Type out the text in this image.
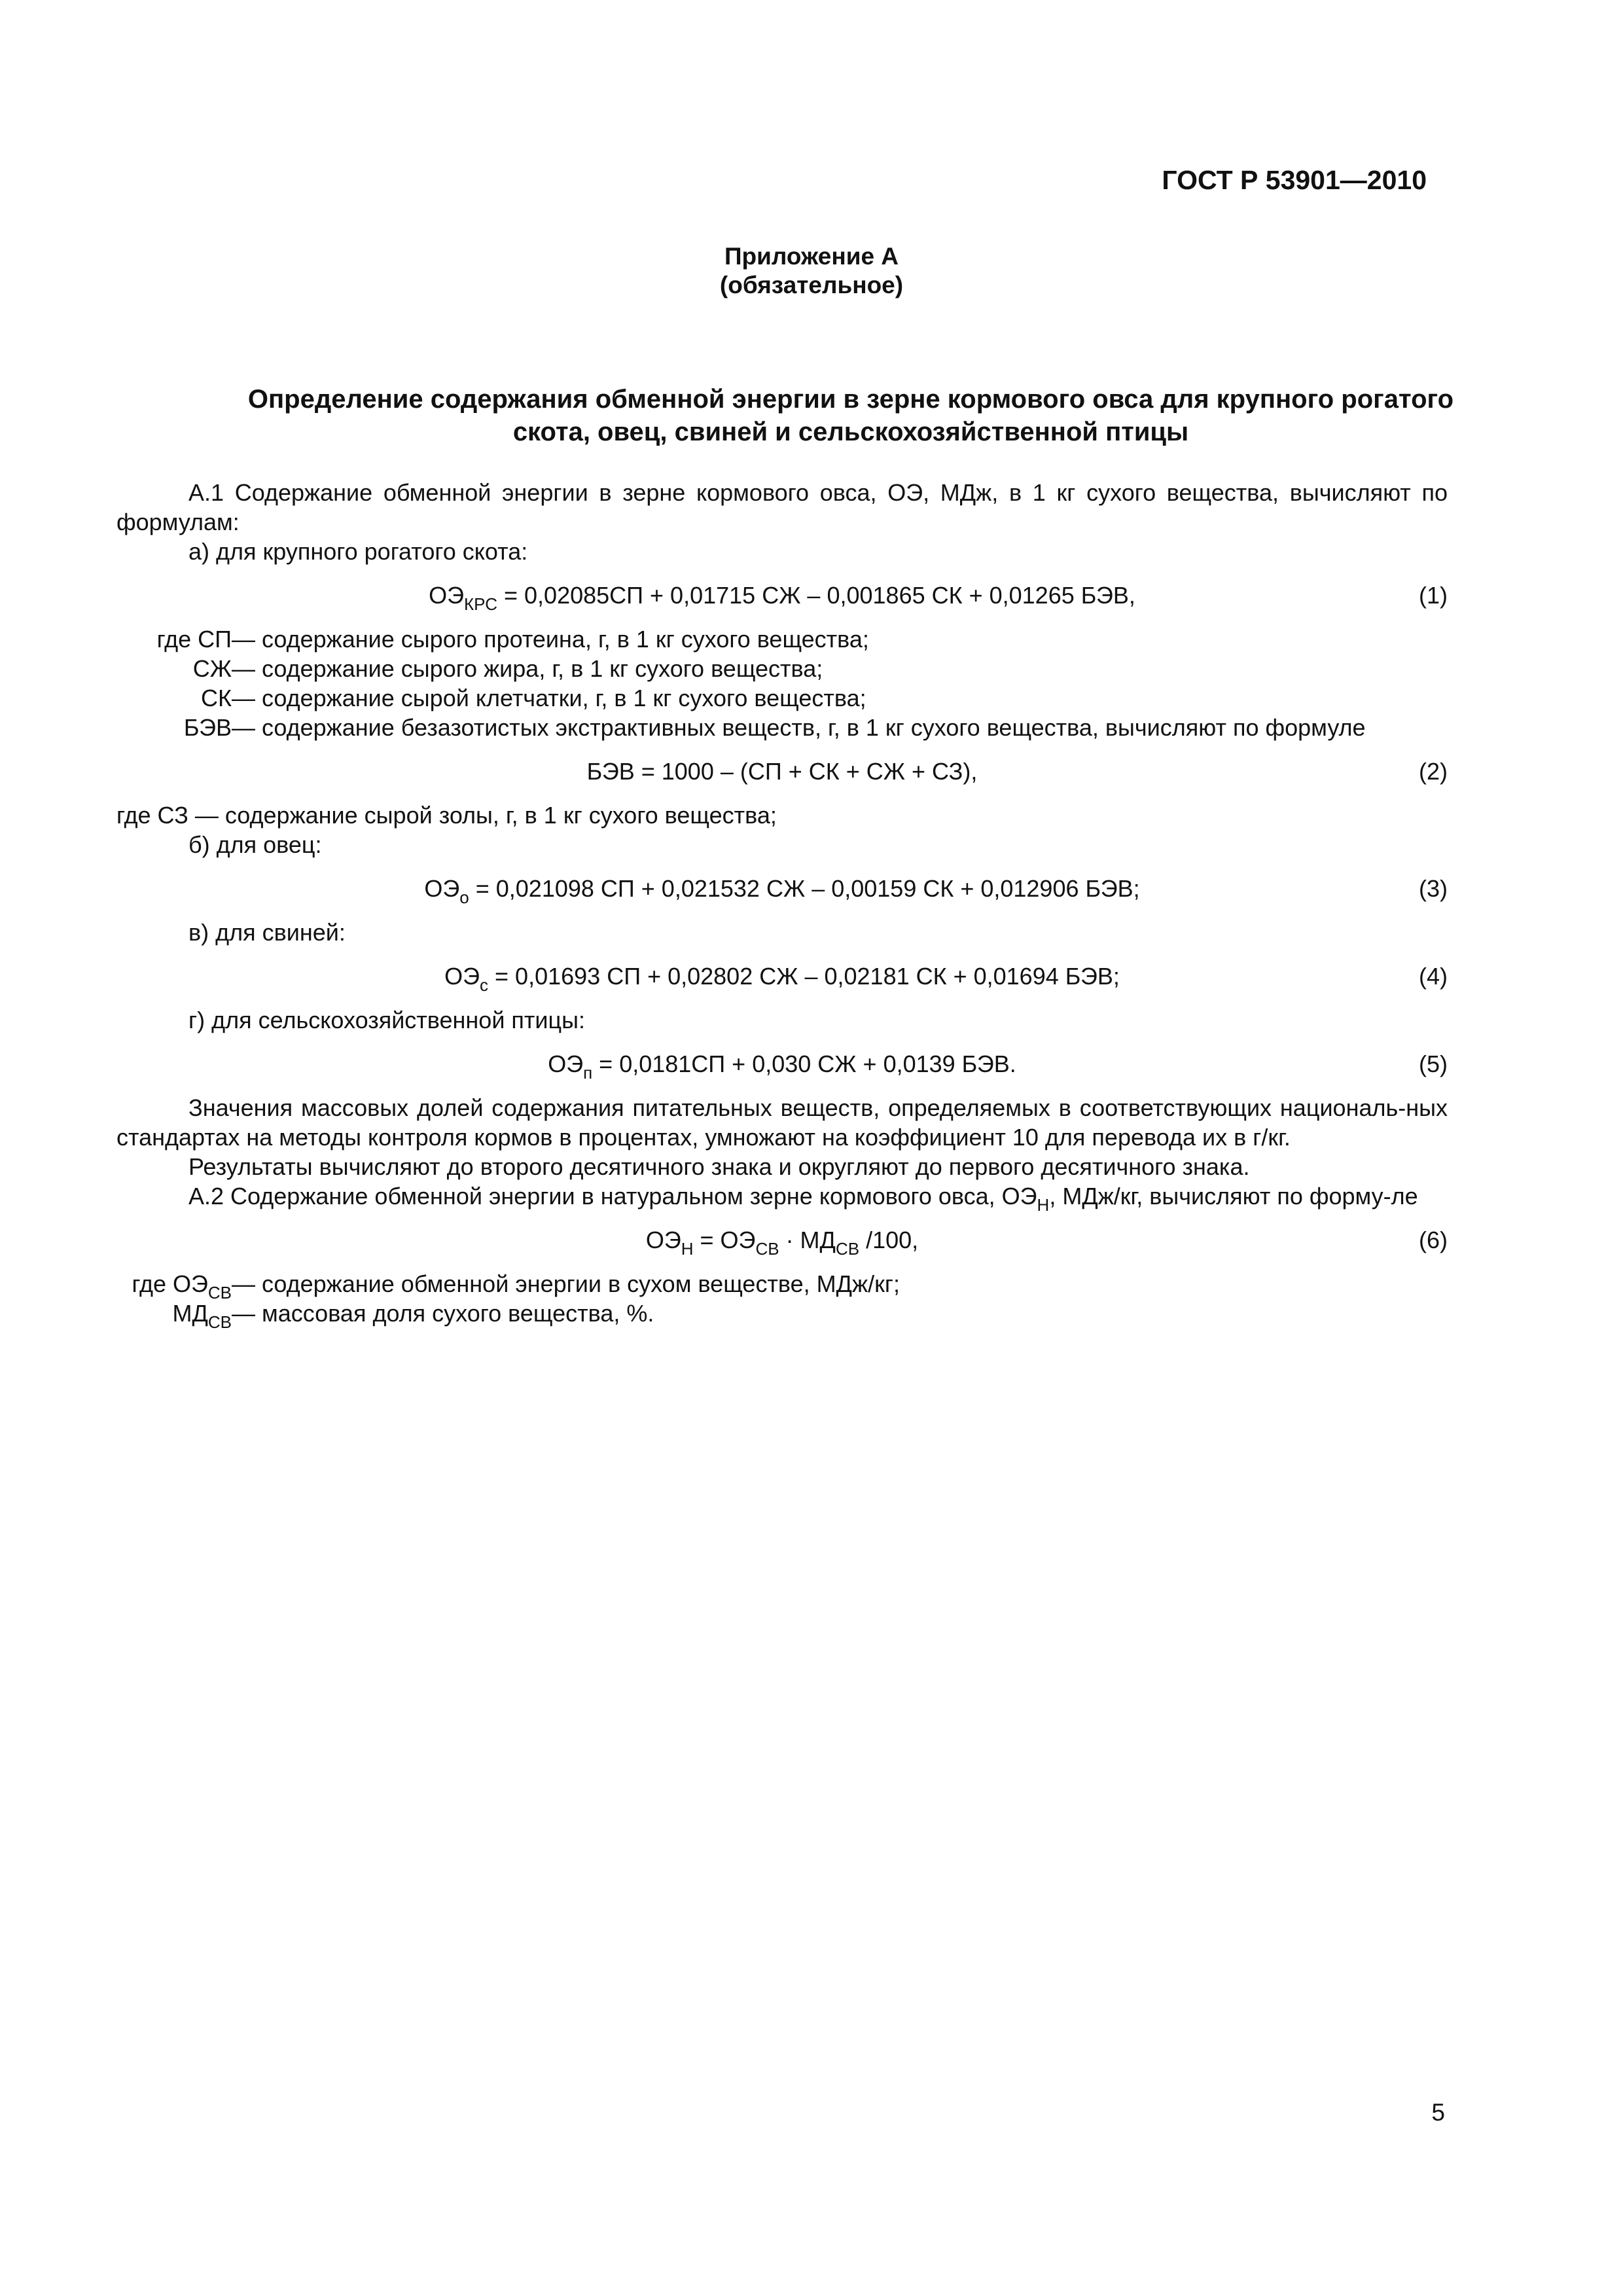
ГОСТ Р 53901—2010
Приложение А
(обязательное)
Определение содержания обменной энергии в зерне кормового овса для крупного рогатого
скота, овец, свиней и сельскохозяйственной птицы

А.1 Содержание обменной энергии в зерне кормового овса, ОЭ, МДж, в 1 кг сухого вещества, вычисляют по формулам:

а) для крупного рогатого скота:

$ОЭ_{КРС} = 0,02085СП + 0,01715$ СЖ – 0,001865 СК + 0,01265 БЭВ,	(1)
где СП — содержание сырого протеина, г, в 1 кг сухого вещества;
СЖ — содержание сырого жира, г, в 1 кг сухого вещества;
СК — содержание сырой клетчатки, г, в 1 кг сухого вещества;
БЭВ — содержание безазотистых экстрактивных веществ, г, в 1 кг сухого вещества, вычисляют по формуле
БЭВ = 1000 – (СП + СК + СЖ + СЗ),	(2)

где СЗ — содержание сырой золы, г, в 1 кг сухого вещества;

б) для овец:

$ОЭ_о = 0,021098$ СП + 0,021532 СЖ – 0,00159 СК + 0,012906 БЭВ;	(3)

в) для свиней:

$ОЭ_с = 0,01693$ СП + 0,02802 СЖ – 0,02181 СК + 0,01694 БЭВ;	(4)

г) для сельскохозяйственной птицы:

$ОЭ_п = 0,0181СП + 0,030$ СЖ + 0,0139 БЭВ.	(5)

Значения массовых долей содержания питательных веществ, определяемых в соответствующих националь-ных стандартах на методы контроля кормов в процентах, умножают на коэффициент 10 для перевода их в г/кг.

Результаты вычисляют до второго десятичного знака и округляют до первого десятичного знака.

А.2 Содержание обменной энергии в натуральном зерне кормового овса, $ОЭ_Н$, МДж/кг, вычисляют по форму-ле

$ОЭ_Н = ОЭ_{СВ} \cdot МД_{СВ}$ /100,	(6)
где $ОЭ_{СВ}$ — содержание обменной энергии в сухом веществе, МДж/кг;
$МД_{СВ}$ — массовая доля сухого вещества, %.
5
